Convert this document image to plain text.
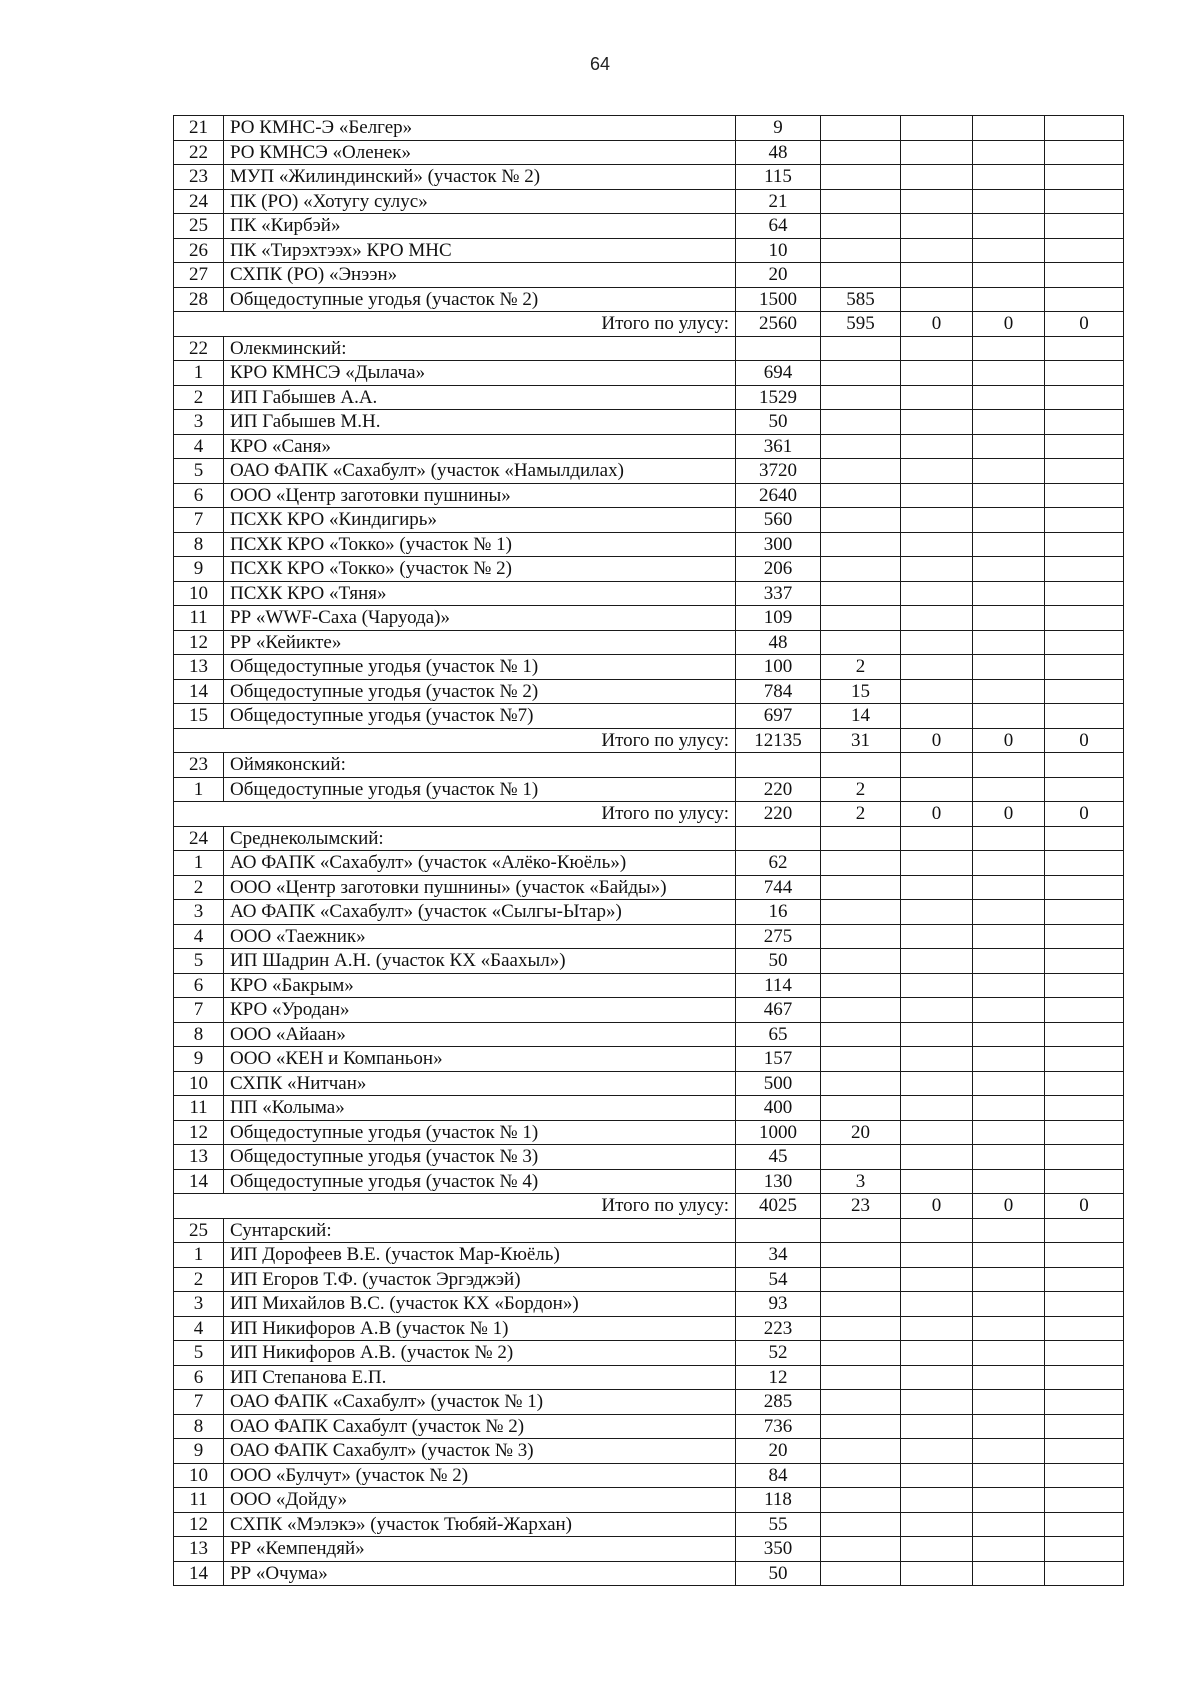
64
21	РО КМНС-Э «Белгер»	9				
22	РО КМНСЭ «Оленек»	48				
23	МУП «Жилиндинский» (участок № 2)	115				
24	ПК (РО) «Хотугу сулус»	21				
25	ПК «Кирбэй»	64				
26	ПК «Тирэхтээх» КРО МНС	10				
27	СХПК (РО) «Энээн»	20				
28	Общедоступные угодья (участок № 2)	1500	585			
Итого по улусу:		2560	595	0	0	0
22	Олекминский:					
1	КРО КМНСЭ «Дылача»	694				
2	ИП Габышев А.А.	1529				
3	ИП Габышев М.Н.	50				
4	КРО «Саня»	361				
5	ОАО ФАПК «Сахабулт» (участок «Намылдилах)	3720				
6	ООО «Центр заготовки пушнины»	2640				
7	ПСХК КРО «Киндигирь»	560				
8	ПСХК КРО «Токко» (участок № 1)	300				
9	ПСХК КРО «Токко» (участок № 2)	206				
10	ПСХК КРО «Тяня»	337				
11	РР «WWF-Саха (Чаруода)»	109				
12	РР «Кейикте»	48				
13	Общедоступные угодья (участок № 1)	100	2			
14	Общедоступные угодья (участок № 2)	784	15			
15	Общедоступные угодья (участок №7)	697	14			
Итого по улусу:		12135	31	0	0	0
23	Оймяконский:					
1	Общедоступные угодья (участок № 1)	220	2			
Итого по улусу:		220	2	0	0	0
24	Среднеколымский:					
1	АО ФАПК «Сахабулт» (участок «Алёко-Кюёль»)	62				
2	ООО «Центр заготовки пушнины» (участок «Байды»)	744				
3	АО ФАПК «Сахабулт» (участок «Сылгы-Ытар»)	16				
4	ООО «Таежник»	275				
5	ИП Шадрин А.Н. (участок КХ «Баахыл»)	50				
6	КРО «Бакрым»	114				
7	КРО «Уродан»	467				
8	ООО «Айаан»	65				
9	ООО «КЕН и Компаньон»	157				
10	СХПК «Нитчан»	500				
11	ПП «Колыма»	400				
12	Общедоступные угодья (участок № 1)	1000	20			
13	Общедоступные угодья (участок № 3)	45				
14	Общедоступные угодья (участок № 4)	130	3			
Итого по улусу:		4025	23	0	0	0
25	Сунтарский:					
1	ИП Дорофеев В.Е. (участок Мар-Кюёль)	34				
2	ИП Егоров Т.Ф. (участок Эргэджэй)	54				
3	ИП Михайлов В.С. (участок КХ «Бордон»)	93				
4	ИП Никифоров А.В (участок № 1)	223				
5	ИП Никифоров А.В. (участок № 2)	52				
6	ИП Степанова Е.П.	12				
7	ОАО ФАПК «Сахабулт» (участок № 1)	285				
8	ОАО ФАПК Сахабулт (участок № 2)	736				
9	ОАО ФАПК Сахабулт» (участок № 3)	20				
10	ООО «Булчут» (участок № 2)	84				
11	ООО «Дойду»	118				
12	СХПК «Мэлэкэ» (участок Тюбяй-Жархан)	55				
13	РР «Кемпендяй»	350				
14	РР «Очума»	50				
